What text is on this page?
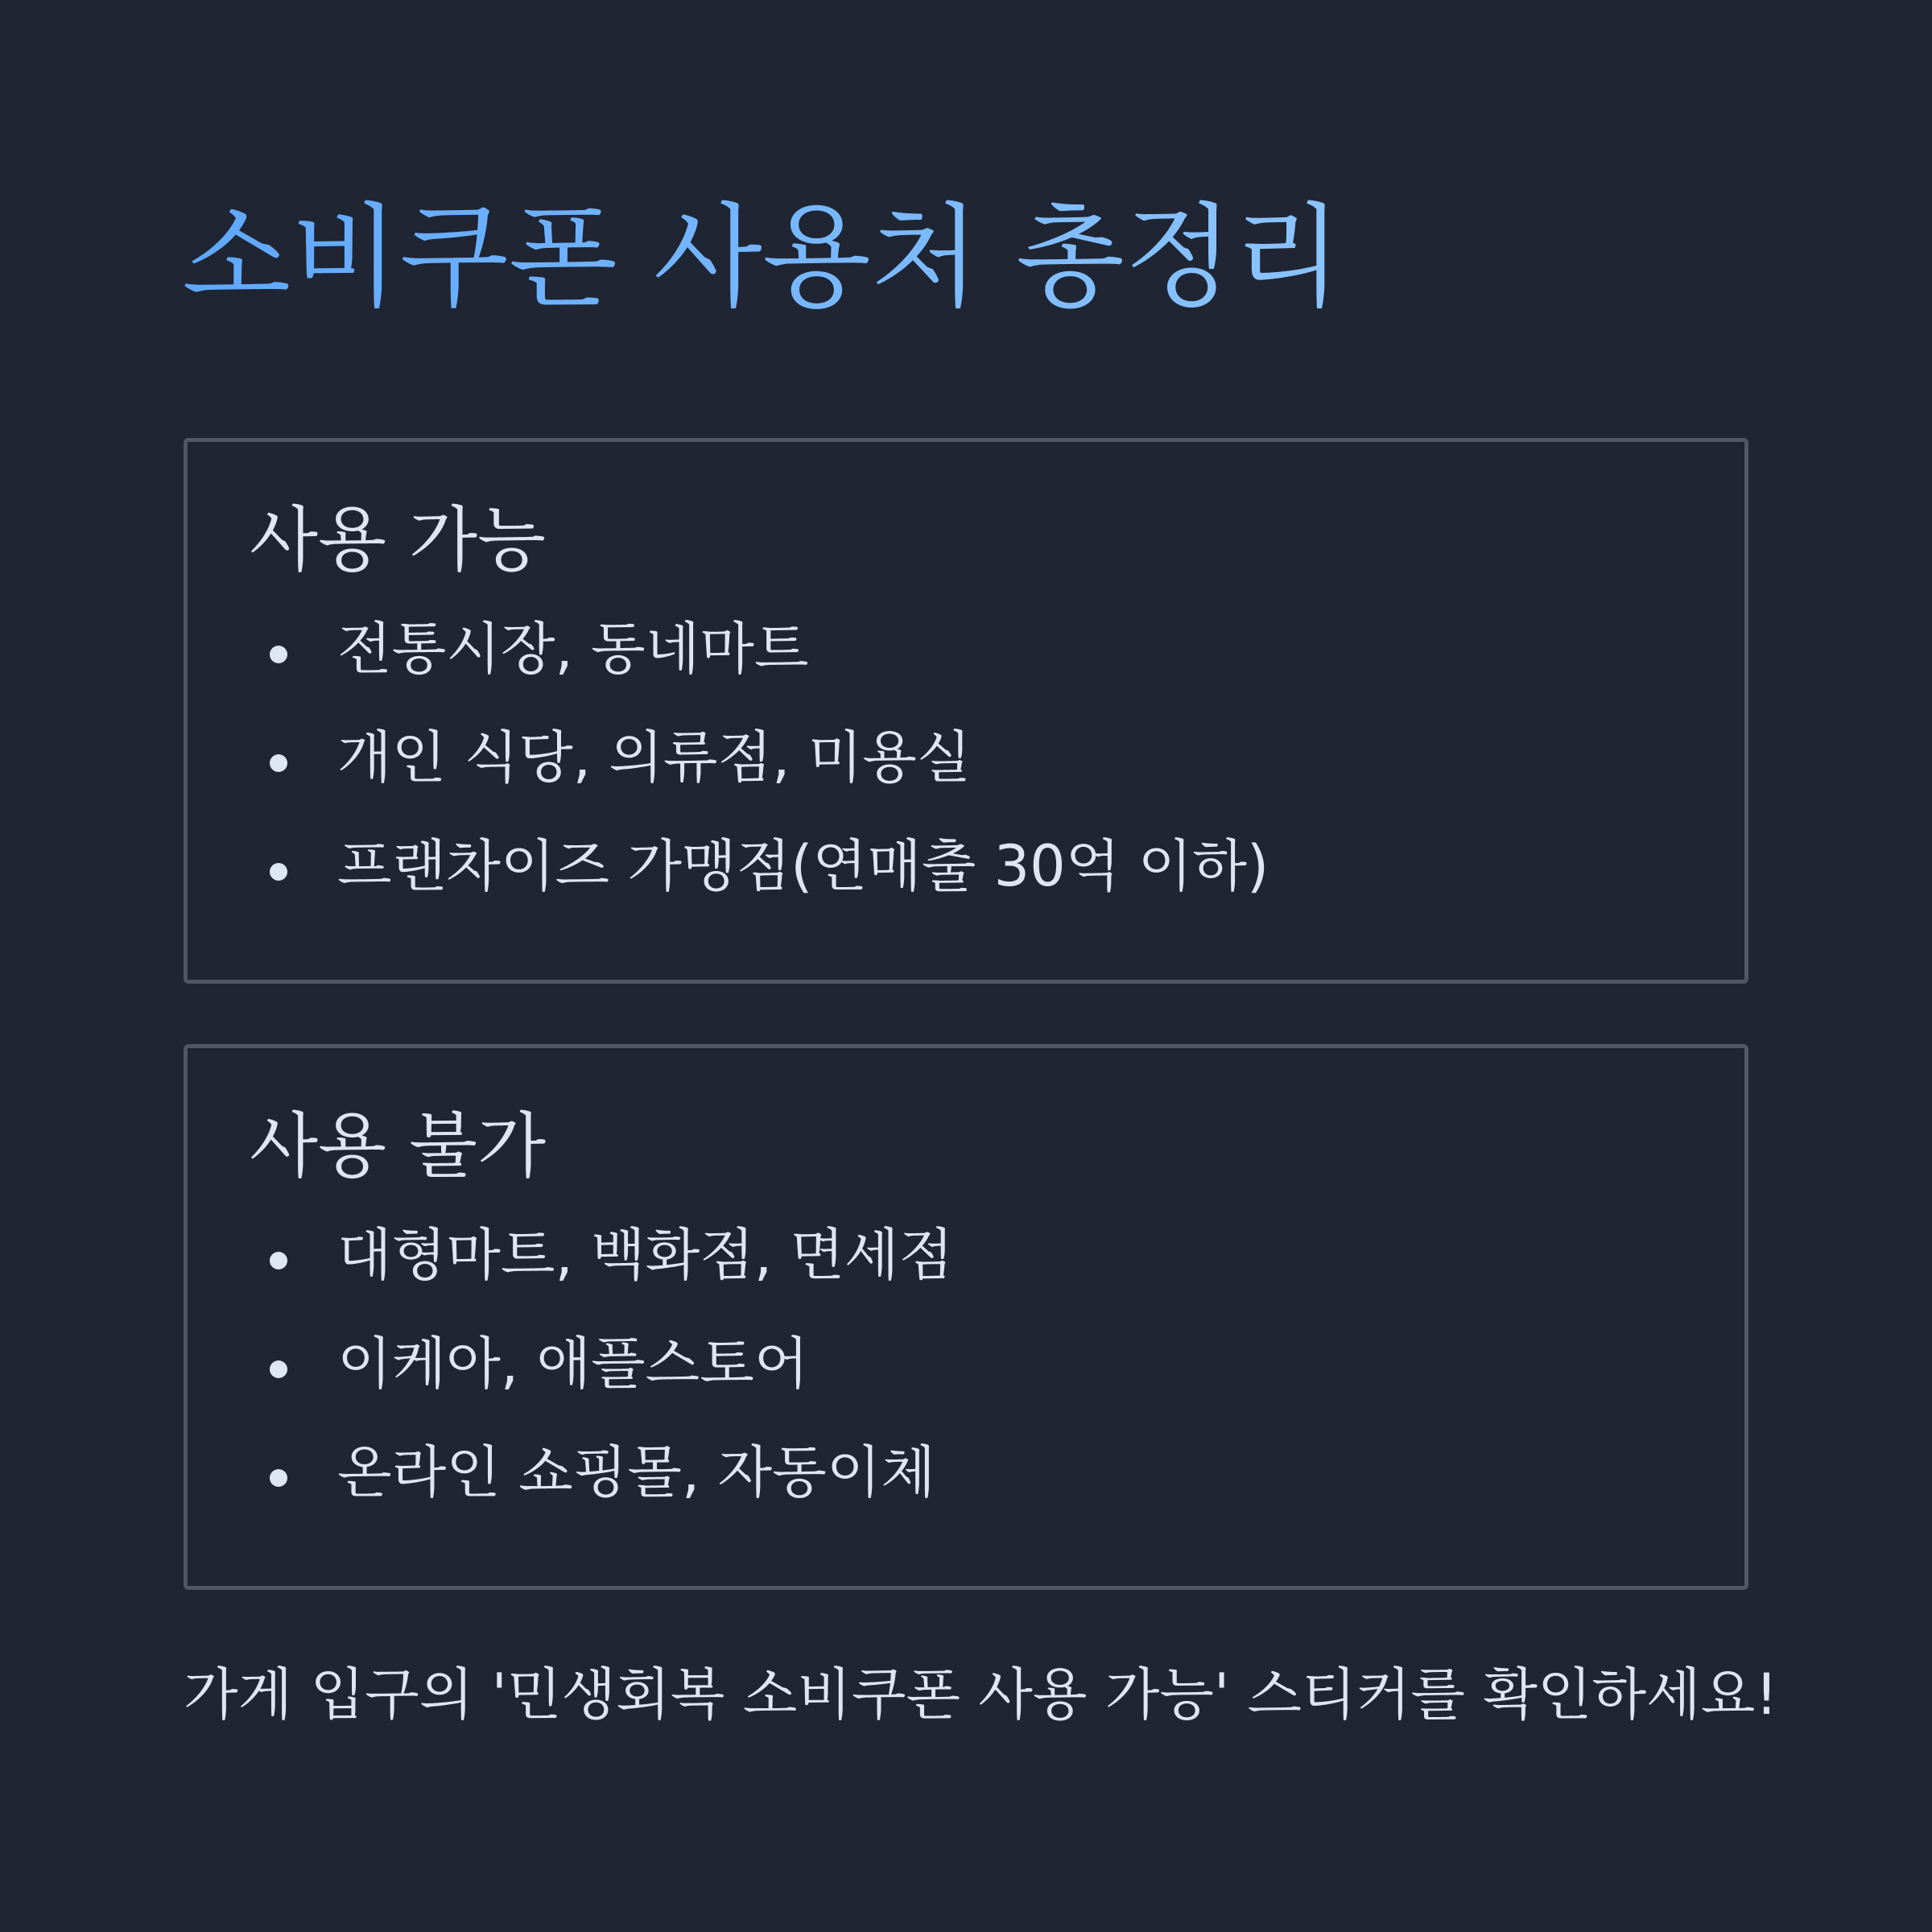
소비쿠폰 사용처 총정리
사용 가능
전통시장, 동네마트
개인 식당, 의류점, 미용실
프랜차이즈 가맹점(연매출 30억 이하)
사용 불가
대형마트, 백화점, 면세점
이케아, 애플스토어
온라인 쇼핑몰, 자동이체

가게 입구의 '민생회복 소비쿠폰 사용 가능' 스티커를 확인하세요!
